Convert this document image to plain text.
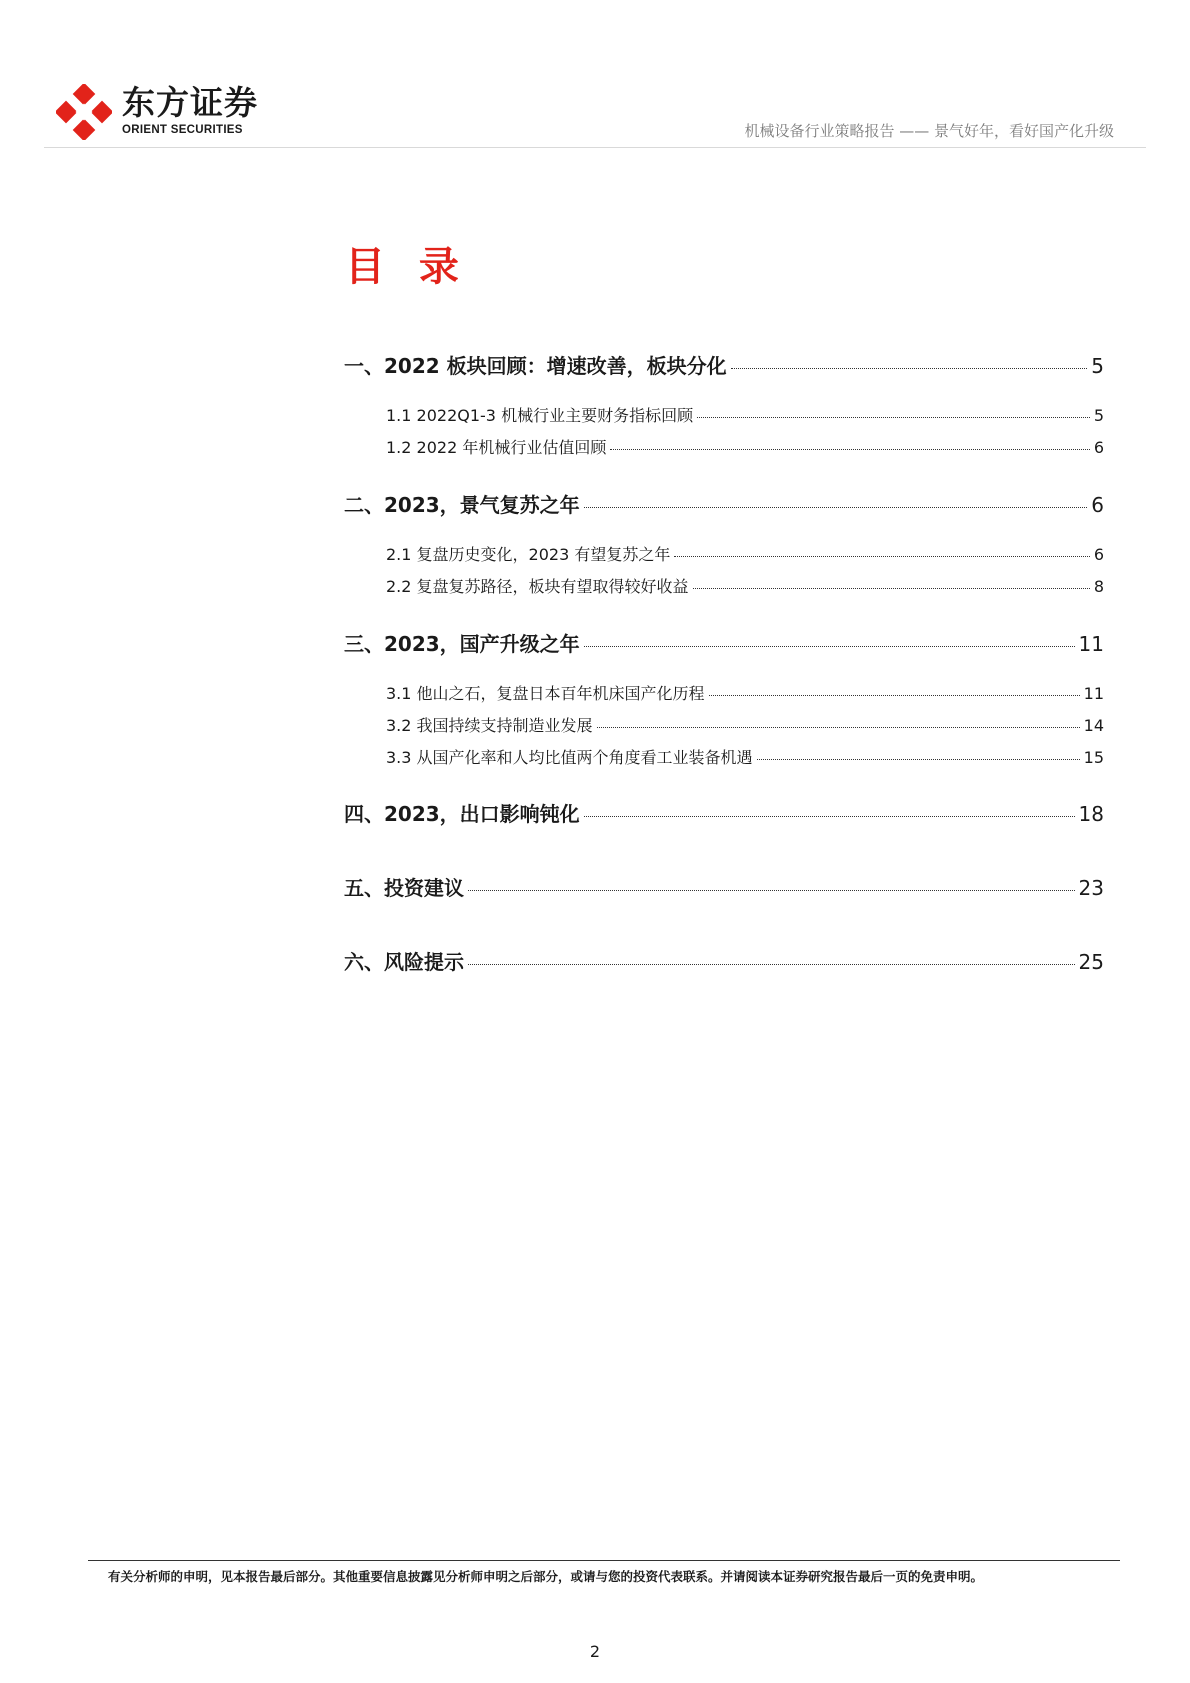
东方证券
ORIENT SECURITIES	机械设备行业策略报告 —— 景气好年，看好国产化升级
目 录
一、2022 板块回顾：增速改善，板块分化	5
1.1 2022Q1-3 机械行业主要财务指标回顾	5
1.2 2022 年机械行业估值回顾	6
二、2023，景气复苏之年	6
2.1 复盘历史变化，2023 有望复苏之年	6
2.2 复盘复苏路径，板块有望取得较好收益	8
三、2023，国产升级之年	11
3.1 他山之石，复盘日本百年机床国产化历程	11
3.2 我国持续支持制造业发展	14
3.3 从国产化率和人均比值两个角度看工业装备机遇	15
四、2023，出口影响钝化	18
五、投资建议	23
六、风险提示	25
有关分析师的申明，见本报告最后部分。其他重要信息披露见分析师申明之后部分，或请与您的投资代表联系。并请阅读本证券研究报告最后一页的免责申明。
2
